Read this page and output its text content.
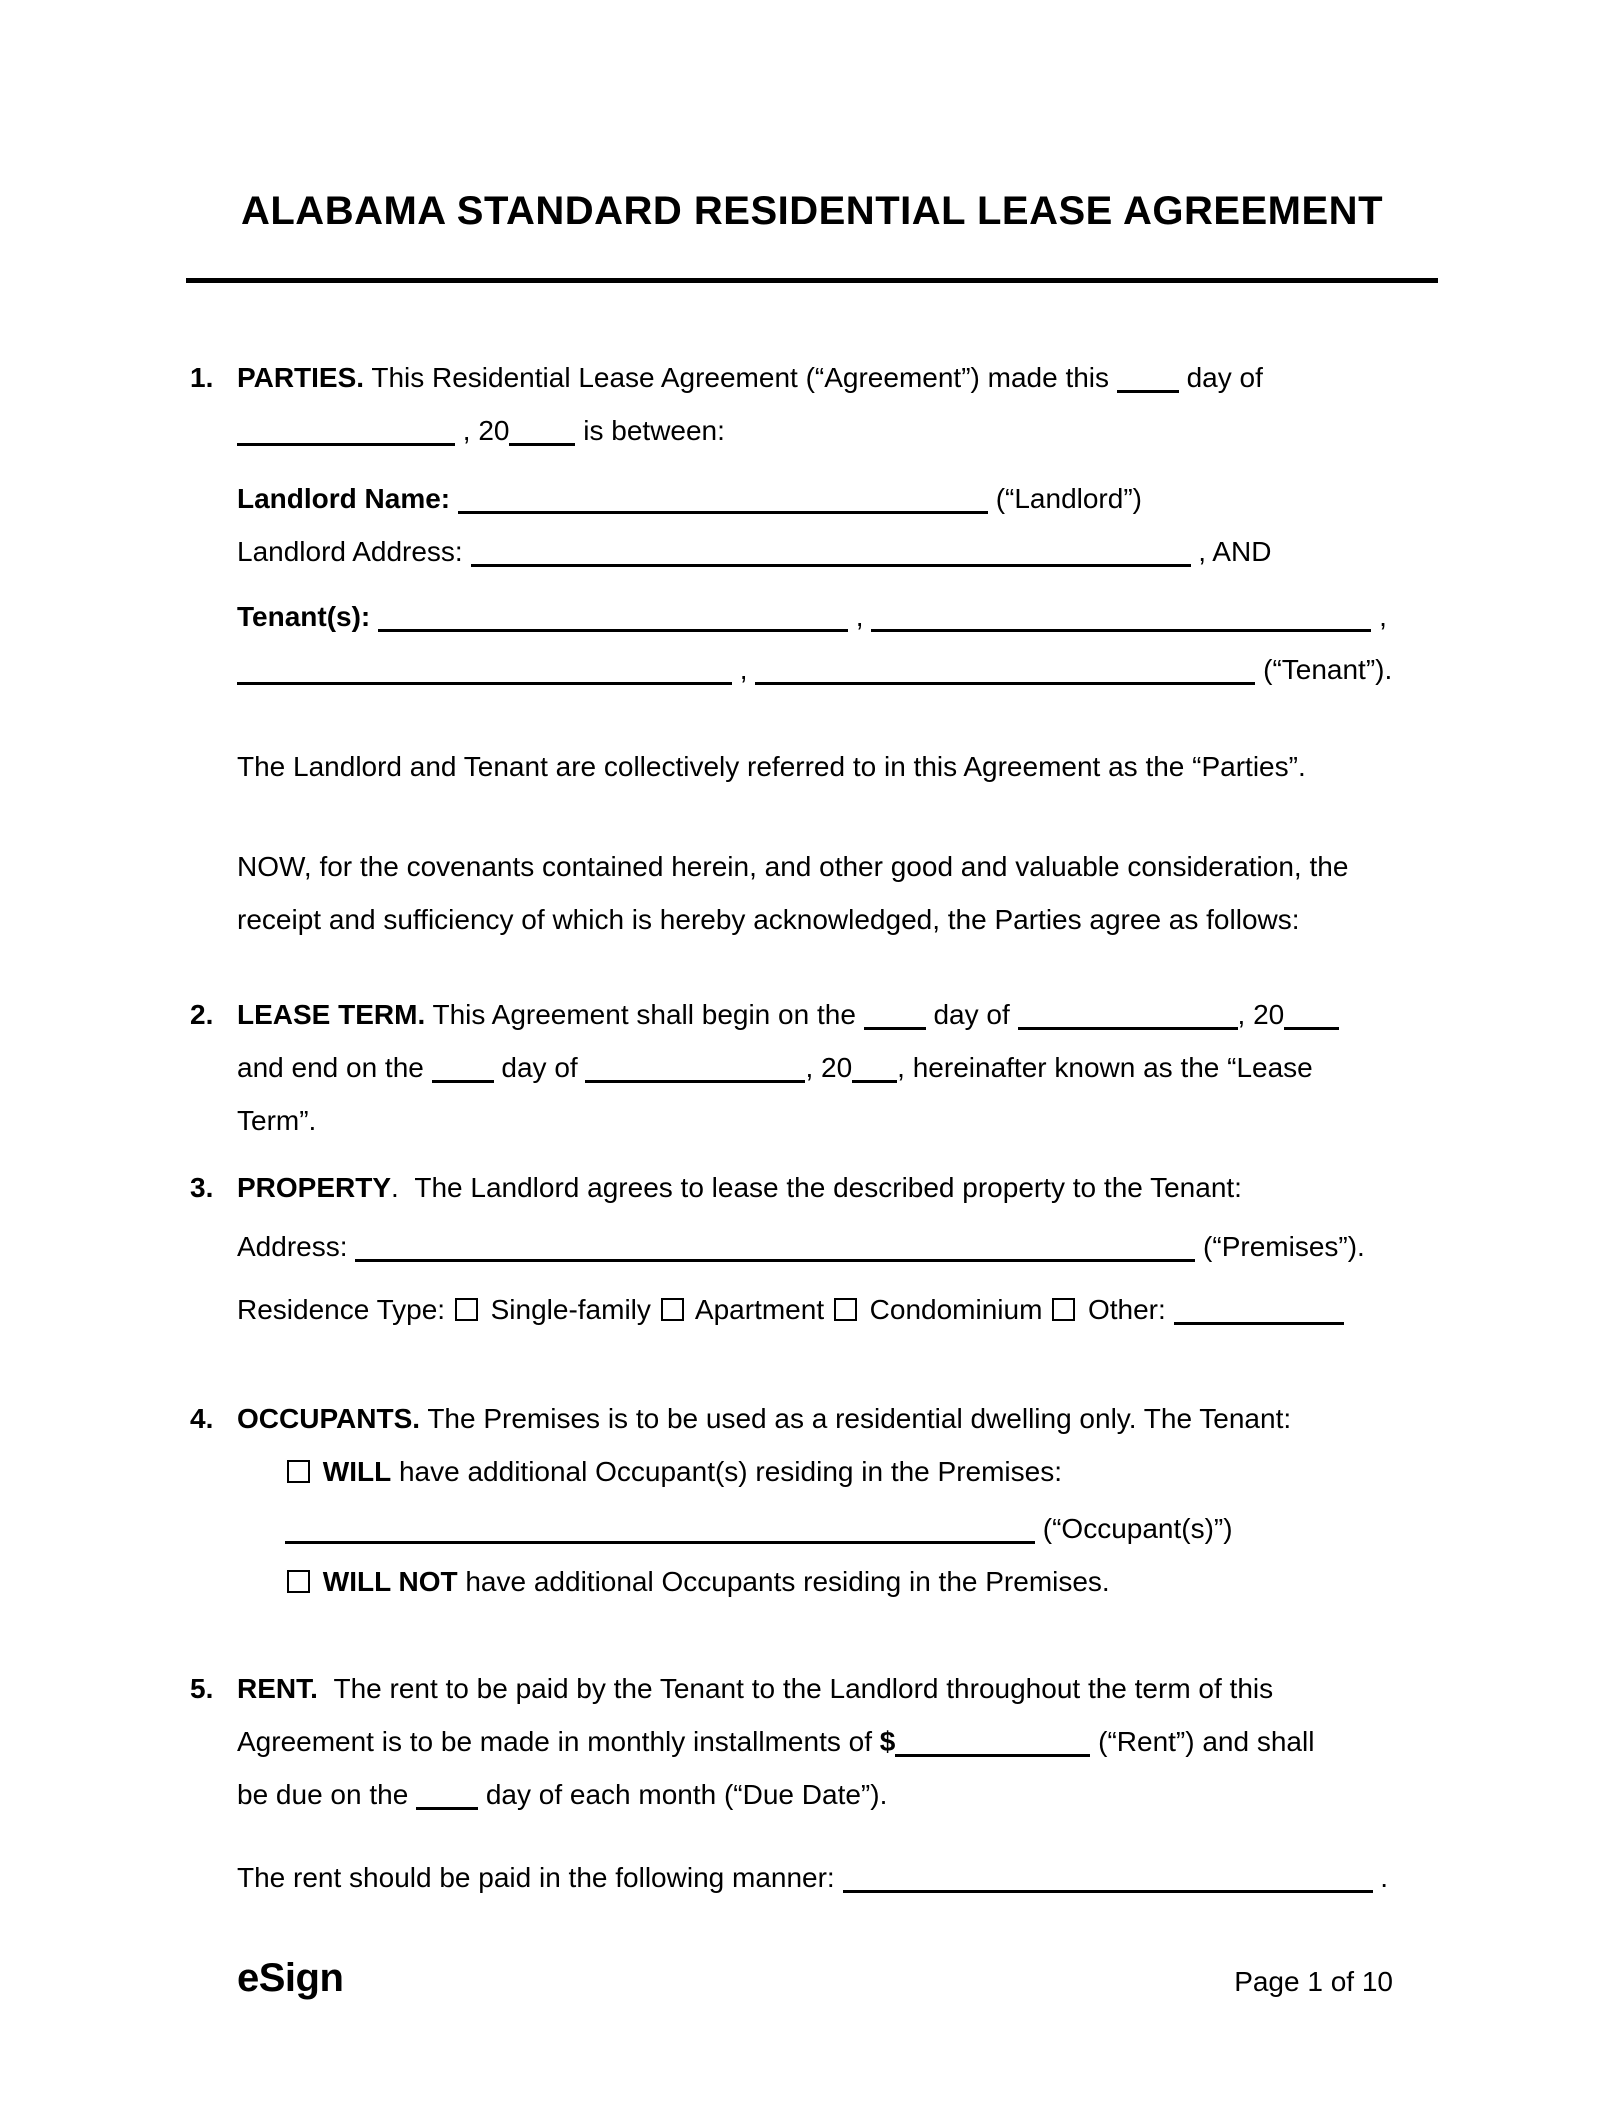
ALABAMA STANDARD RESIDENTIAL LEASE AGREEMENT
1. PARTIES. This Residential Lease Agreement (“Agreement”) made this  day of
, 20 is between:
Landlord Name:	(“Landlord”)
Landlord Address:	, AND
Tenant(s):	,	,
,	(“Tenant”).
The Landlord and Tenant are collectively referred to in this Agreement as the “Parties”.
NOW, for the covenants contained herein, and other good and valuable consideration, the
receipt and sufficiency of which is hereby acknowledged, the Parties agree as follows:
2. LEASE TERM. This Agreement shall begin on the  day of	, 20
and end on the  day of	, 20 , hereinafter known as the “Lease
Term”.
3. PROPERTY.  The Landlord agrees to lease the described property to the Tenant:
Address:	(“Premises”).
Residence Type:  Single-family  Apartment  Condominium  Other:
4. OCCUPANTS. The Premises is to be used as a residential dwelling only. The Tenant:
WILL have additional Occupant(s) residing in the Premises:
(“Occupant(s)”)
WILL NOT have additional Occupants residing in the Premises.
5. RENT.  The rent to be paid by the Tenant to the Landlord throughout the term of this
Agreement is to be made in monthly installments of $	(“Rent”) and shall
be due on the  day of each month (“Due Date”).
The rent should be paid in the following manner:	.
eSign	Page 1 of 10
